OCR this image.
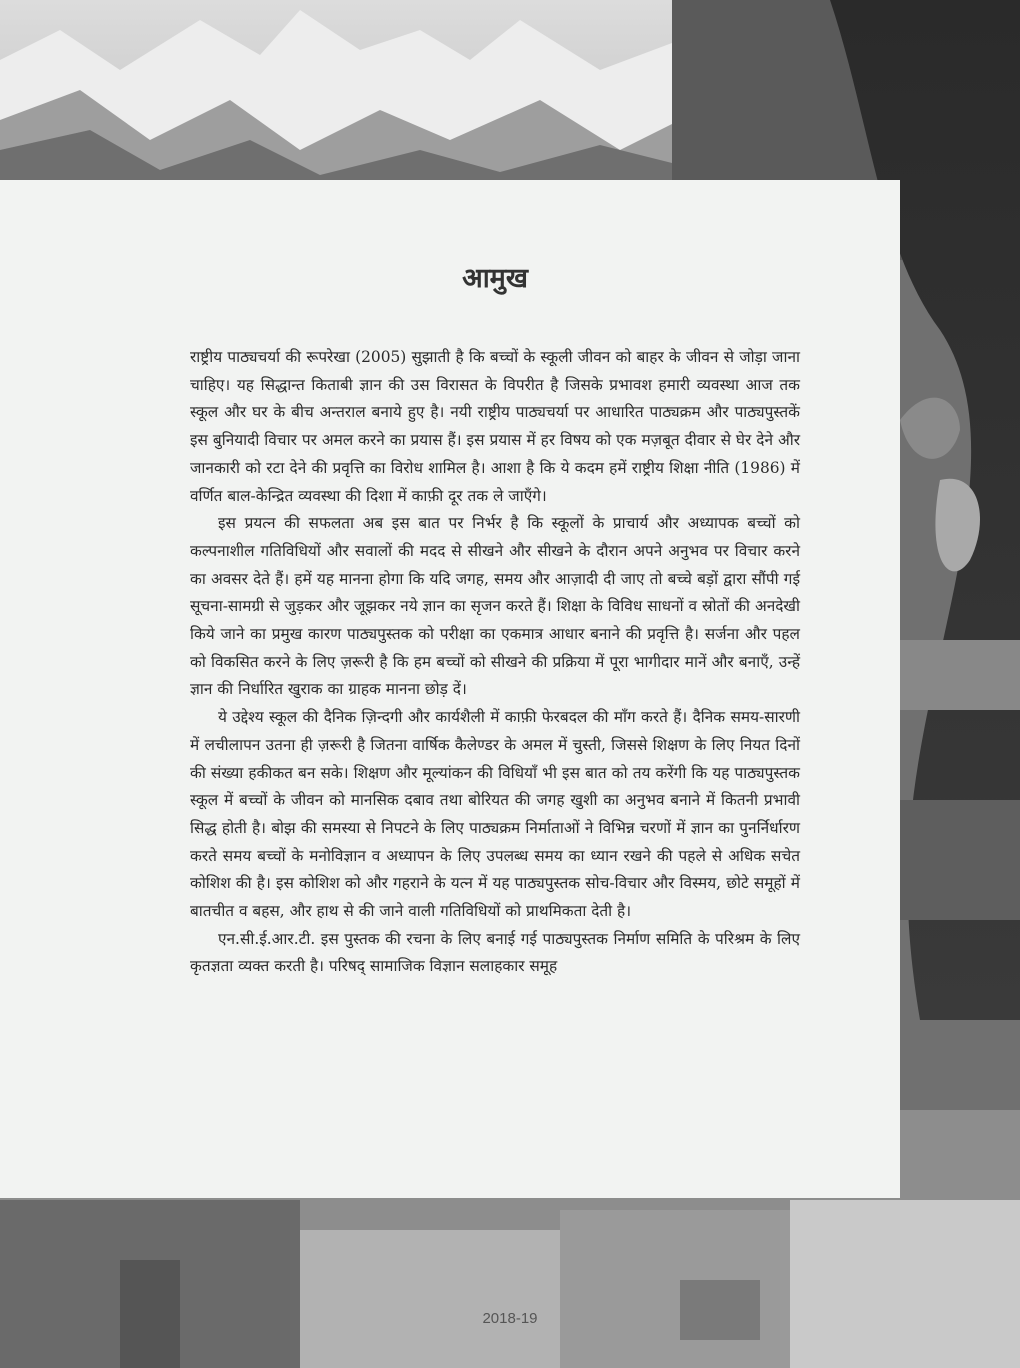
आमुख

राष्ट्रीय पाठ्यचर्या की रूपरेखा (2005) सुझाती है कि बच्चों के स्कूली जीवन को बाहर के जीवन से जोड़ा जाना चाहिए। यह सिद्धान्त किताबी ज्ञान की उस विरासत के विपरीत है जिसके प्रभावश हमारी व्यवस्था आज तक स्कूल और घर के बीच अन्तराल बनाये हुए है। नयी राष्ट्रीय पाठ्यचर्या पर आधारित पाठ्यक्रम और पाठ्यपुस्तकें इस बुनियादी विचार पर अमल करने का प्रयास हैं। इस प्रयास में हर विषय को एक मज़बूत दीवार से घेर देने और जानकारी को रटा देने की प्रवृत्ति का विरोध शामिल है। आशा है कि ये कदम हमें राष्ट्रीय शिक्षा नीति (1986) में वर्णित बाल-केन्द्रित व्यवस्था की दिशा में काफ़ी दूर तक ले जाएँगे।

इस प्रयत्न की सफलता अब इस बात पर निर्भर है कि स्कूलों के प्राचार्य और अध्यापक बच्चों को कल्पनाशील गतिविधियों और सवालों की मदद से सीखने और सीखने के दौरान अपने अनुभव पर विचार करने का अवसर देते हैं। हमें यह मानना होगा कि यदि जगह, समय और आज़ादी दी जाए तो बच्चे बड़ों द्वारा सौंपी गई सूचना-सामग्री से जुड़कर और जूझकर नये ज्ञान का सृजन करते हैं। शिक्षा के विविध साधनों व स्रोतों की अनदेखी किये जाने का प्रमुख कारण पाठ्यपुस्तक को परीक्षा का एकमात्र आधार बनाने की प्रवृत्ति है। सर्जना और पहल को विकसित करने के लिए ज़रूरी है कि हम बच्चों को सीखने की प्रक्रिया में पूरा भागीदार मानें और बनाएँ, उन्हें ज्ञान की निर्धारित खुराक का ग्राहक मानना छोड़ दें।

ये उद्देश्य स्कूल की दैनिक ज़िन्दगी और कार्यशैली में काफ़ी फेरबदल की माँग करते हैं। दैनिक समय-सारणी में लचीलापन उतना ही ज़रूरी है जितना वार्षिक कैलेण्डर के अमल में चुस्ती, जिससे शिक्षण के लिए नियत दिनों की संख्या हकीकत बन सके। शिक्षण और मूल्यांकन की विधियाँ भी इस बात को तय करेंगी कि यह पाठ्यपुस्तक स्कूल में बच्चों के जीवन को मानसिक दबाव तथा बोरियत की जगह खुशी का अनुभव बनाने में कितनी प्रभावी सिद्ध होती है। बोझ की समस्या से निपटने के लिए पाठ्यक्रम निर्माताओं ने विभिन्न चरणों में ज्ञान का पुनर्निर्धारण करते समय बच्चों के मनोविज्ञान व अध्यापन के लिए उपलब्ध समय का ध्यान रखने की पहले से अधिक सचेत कोशिश की है। इस कोशिश को और गहराने के यत्न में यह पाठ्यपुस्तक सोच-विचार और विस्मय, छोटे समूहों में बातचीत व बहस, और हाथ से की जाने वाली गतिविधियों को प्राथमिकता देती है।

एन.सी.ई.आर.टी. इस पुस्तक की रचना के लिए बनाई गई पाठ्यपुस्तक निर्माण समिति के परिश्रम के लिए कृतज्ञता व्यक्त करती है। परिषद् सामाजिक विज्ञान सलाहकार समूह

2018-19
